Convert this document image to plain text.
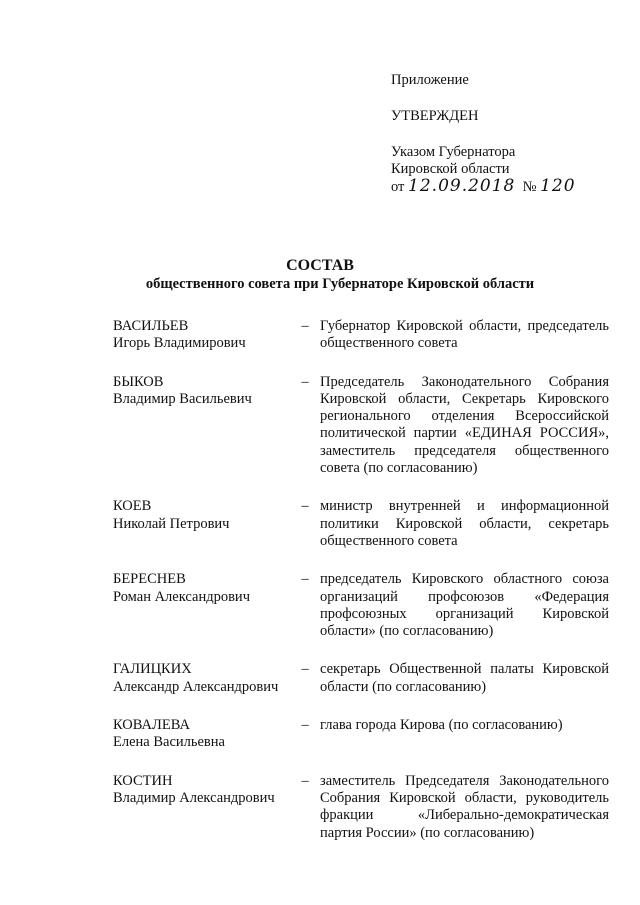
Приложение
УТВЕРЖДЕН
Указом Губернатора
Кировской области
от 12.09.2018 № 120
СОСТАВ
общественного совета при Губернаторе Кировской области
ВАСИЛЬЕВ
Игорь Владимирович
– Губернатор Кировской области, председатель общественного совета
БЫКОВ
Владимир Васильевич
– Председатель Законодательного Собрания Кировской области, Секретарь Кировского регионального отделения Всероссийской политической партии «ЕДИНАЯ РОССИЯ», заместитель председателя общественного совета (по согласованию)
КОЕВ
Николай Петрович
– министр внутренней и информационной политики Кировской области, секретарь общественного совета
БЕРЕСНЕВ
Роман Александрович
– председатель Кировского областного союза организаций профсоюзов «Федерация профсоюзных организаций Кировской области» (по согласованию)
ГАЛИЦКИХ
Александр Александрович
– секретарь Общественной палаты Кировской области (по согласованию)
КОВАЛЕВА
Елена Васильевна
– глава города Кирова (по согласованию)
КОСТИН
Владимир Александрович
– заместитель Председателя Законодательного Собрания Кировской области, руководитель фракции «Либерально-демократическая партия России» (по согласованию)
